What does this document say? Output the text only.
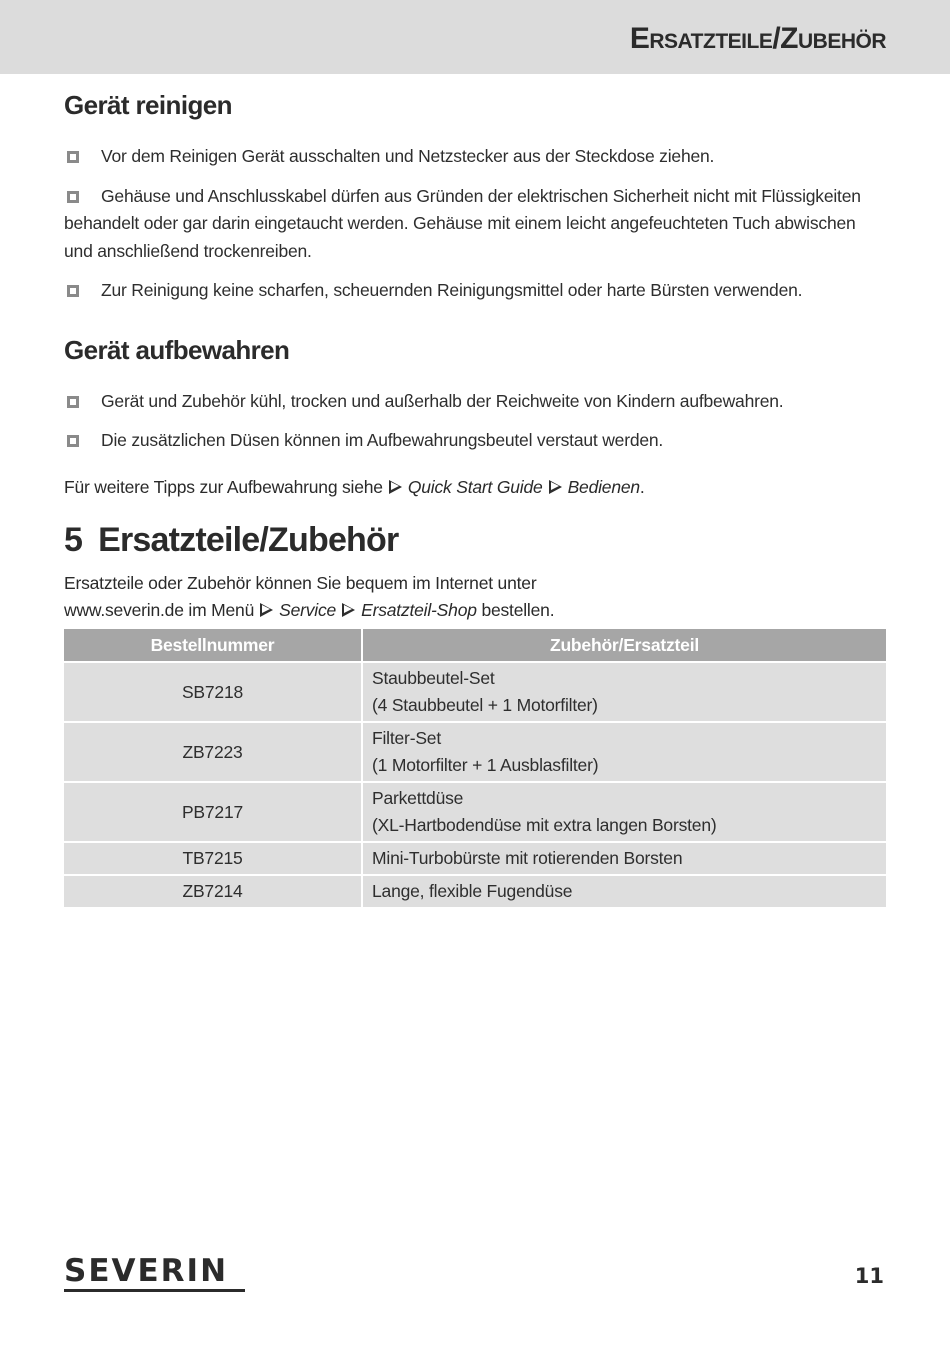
Ersatzteile/Zubehör
Gerät reinigen
Vor dem Reinigen Gerät ausschalten und Netzstecker aus der Steckdose ziehen.
Gehäuse und Anschlusskabel dürfen aus Gründen der elektrischen Sicherheit nicht mit Flüssigkeiten behandelt oder gar darin eingetaucht werden. Gehäuse mit einem leicht angefeuchteten Tuch abwischen und anschließend trockenreiben.
Zur Reinigung keine scharfen, scheuernden Reinigungsmittel oder harte Bürsten verwenden.
Gerät aufbewahren
Gerät und Zubehör kühl, trocken und außerhalb der Reichweite von Kindern aufbewahren.
Die zusätzlichen Düsen können im Aufbewahrungsbeutel verstaut werden.
Für weitere Tipps zur Aufbewahrung siehe Quick Start Guide Bedienen.
5 Ersatzteile/Zubehör
Ersatzteile oder Zubehör können Sie bequem im Internet unter
www.severin.de im Menü Service Ersatzteil-Shop bestellen.
Bestellnummer	Zubehör/Ersatzteil
SB7218	Staubbeutel-Set
(4 Staubbeutel + 1 Motorfilter)

ZB7223	Filter-Set
(1 Motorfilter + 1 Ausblasfilter)

PB7217	Parkettdüse
(XL-Hartbodendüse mit extra langen Borsten)

TB7215	Mini-Turbobürste mit rotierenden Borsten

ZB7214	Lange, flexible Fugendüse
SEVERIN	11
